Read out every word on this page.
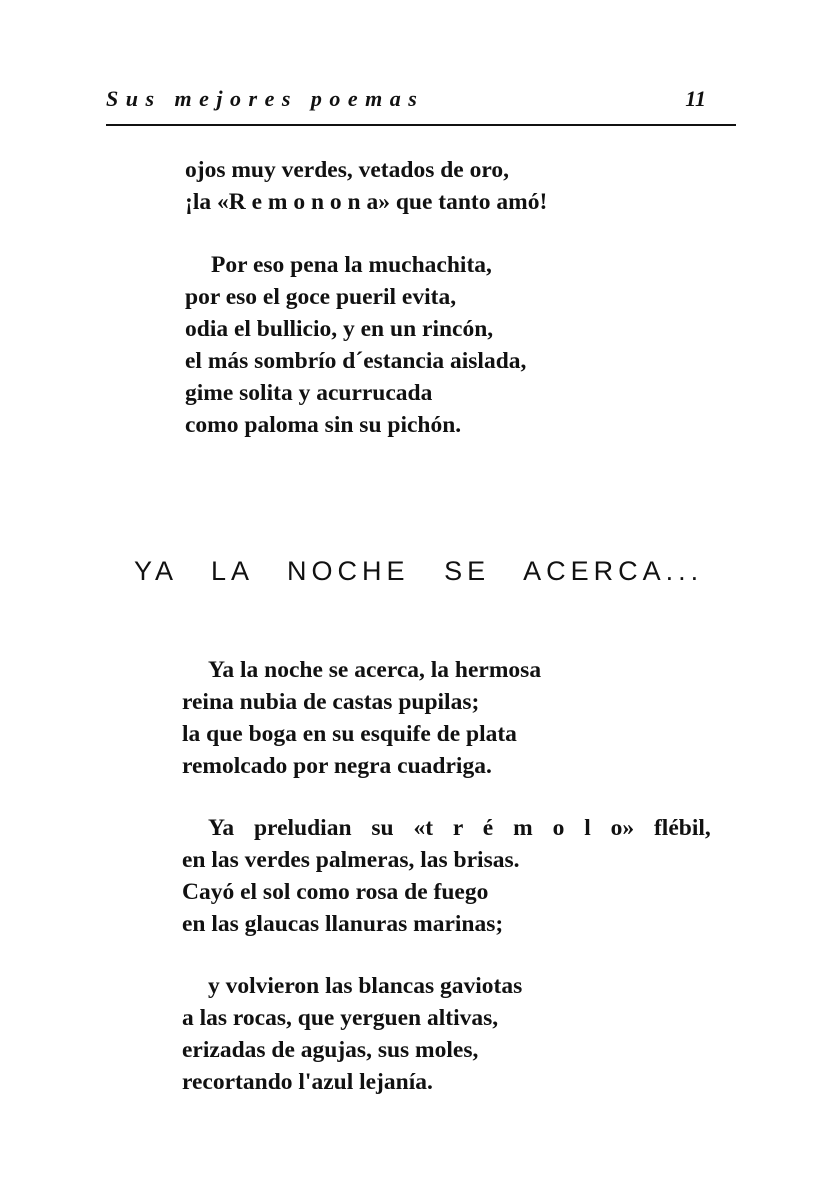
S u s   m e j o r e s   p o e m a s	11
ojos muy verdes, vetados de oro,
¡la «R e m o n o n a» que tanto amó!
Por eso pena la muchachita,
por eso el goce pueril evita,
odia el bullicio, y en un rincón,
el más sombrío d´estancia aislada,
gime solita y acurrucada
como paloma sin su pichón.
YA LA NOCHE SE ACERCA...
Ya la noche se acerca, la hermosa
reina nubia de castas pupilas;
la que boga en su esquife de plata
remolcado por negra cuadriga.
Ya preludian su «t r é m o l o» flébil,
en las verdes palmeras, las brisas.
Cayó el sol como rosa de fuego
en las glaucas llanuras marinas;
y volvieron las blancas gaviotas
a las rocas, que yerguen altivas,
erizadas de agujas, sus moles,
recortando l'azul lejanía.
